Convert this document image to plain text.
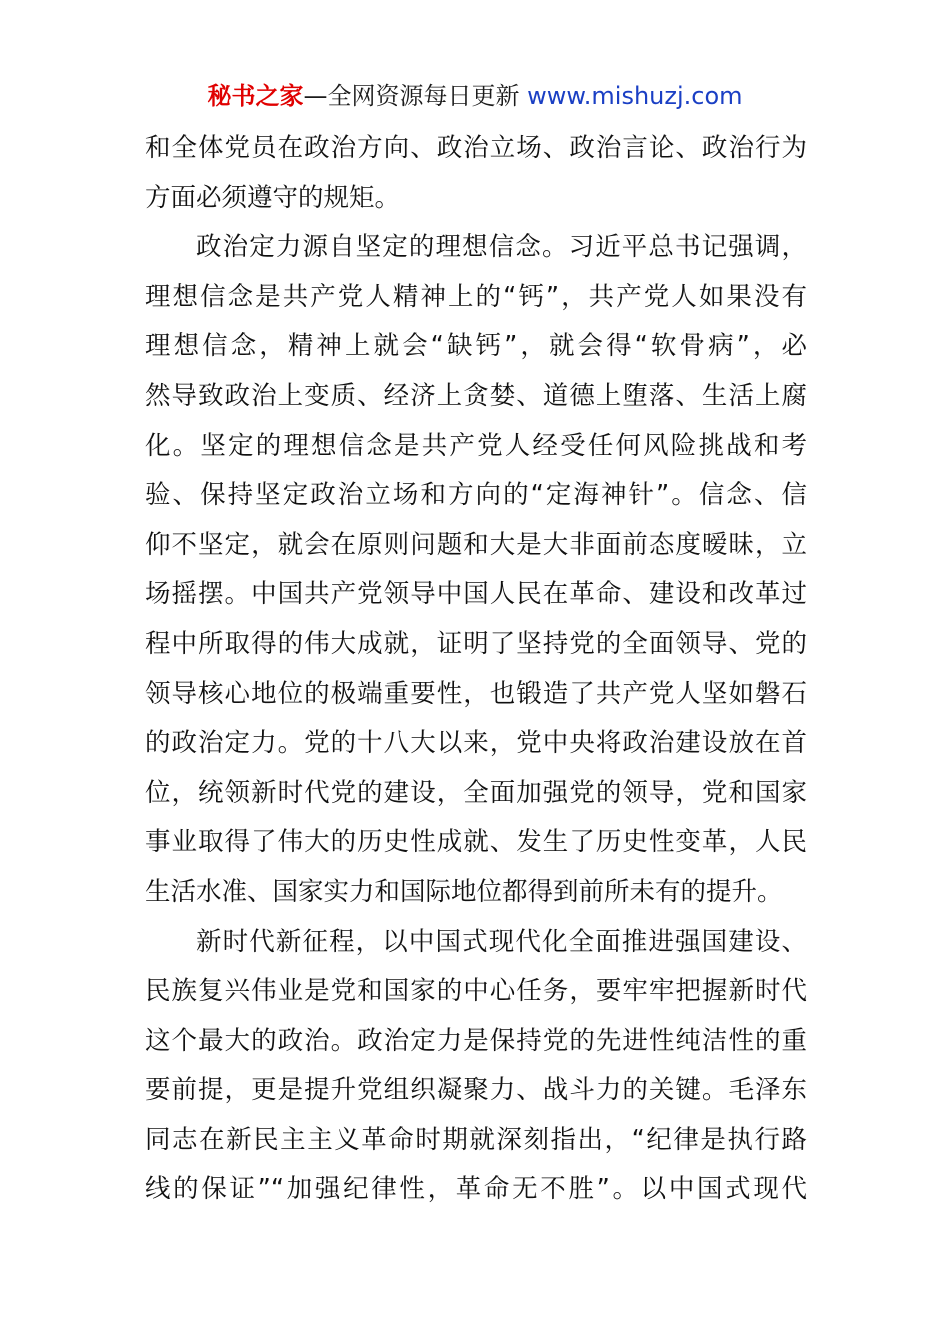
秘书之家—全网资源每日更新 www.mishuzj.com
和全体党员在政治方向、政治立场、政治言论、政治行为
方面必须遵守的规矩。
政治定力源自坚定的理想信念。习近平总书记强调，
理想信念是共产党人精神上的“钙”，共产党人如果没有
理想信念，精神上就会“缺钙”，就会得“软骨病”，必
然导致政治上变质、经济上贪婪、道德上堕落、生活上腐
化。坚定的理想信念是共产党人经受任何风险挑战和考
验、保持坚定政治立场和方向的“定海神针”。信念、信
仰不坚定，就会在原则问题和大是大非面前态度暧昧，立
场摇摆。中国共产党领导中国人民在革命、建设和改革过
程中所取得的伟大成就，证明了坚持党的全面领导、党的
领导核心地位的极端重要性，也锻造了共产党人坚如磐石
的政治定力。党的十八大以来，党中央将政治建设放在首
位，统领新时代党的建设，全面加强党的领导，党和国家
事业取得了伟大的历史性成就、发生了历史性变革，人民
生活水准、国家实力和国际地位都得到前所未有的提升。
新时代新征程，以中国式现代化全面推进强国建设、
民族复兴伟业是党和国家的中心任务，要牢牢把握新时代
这个最大的政治。政治定力是保持党的先进性纯洁性的重
要前提，更是提升党组织凝聚力、战斗力的关键。毛泽东
同志在新民主主义革命时期就深刻指出，“纪律是执行路
线的保证”“加强纪律性，革命无不胜”。以中国式现代
